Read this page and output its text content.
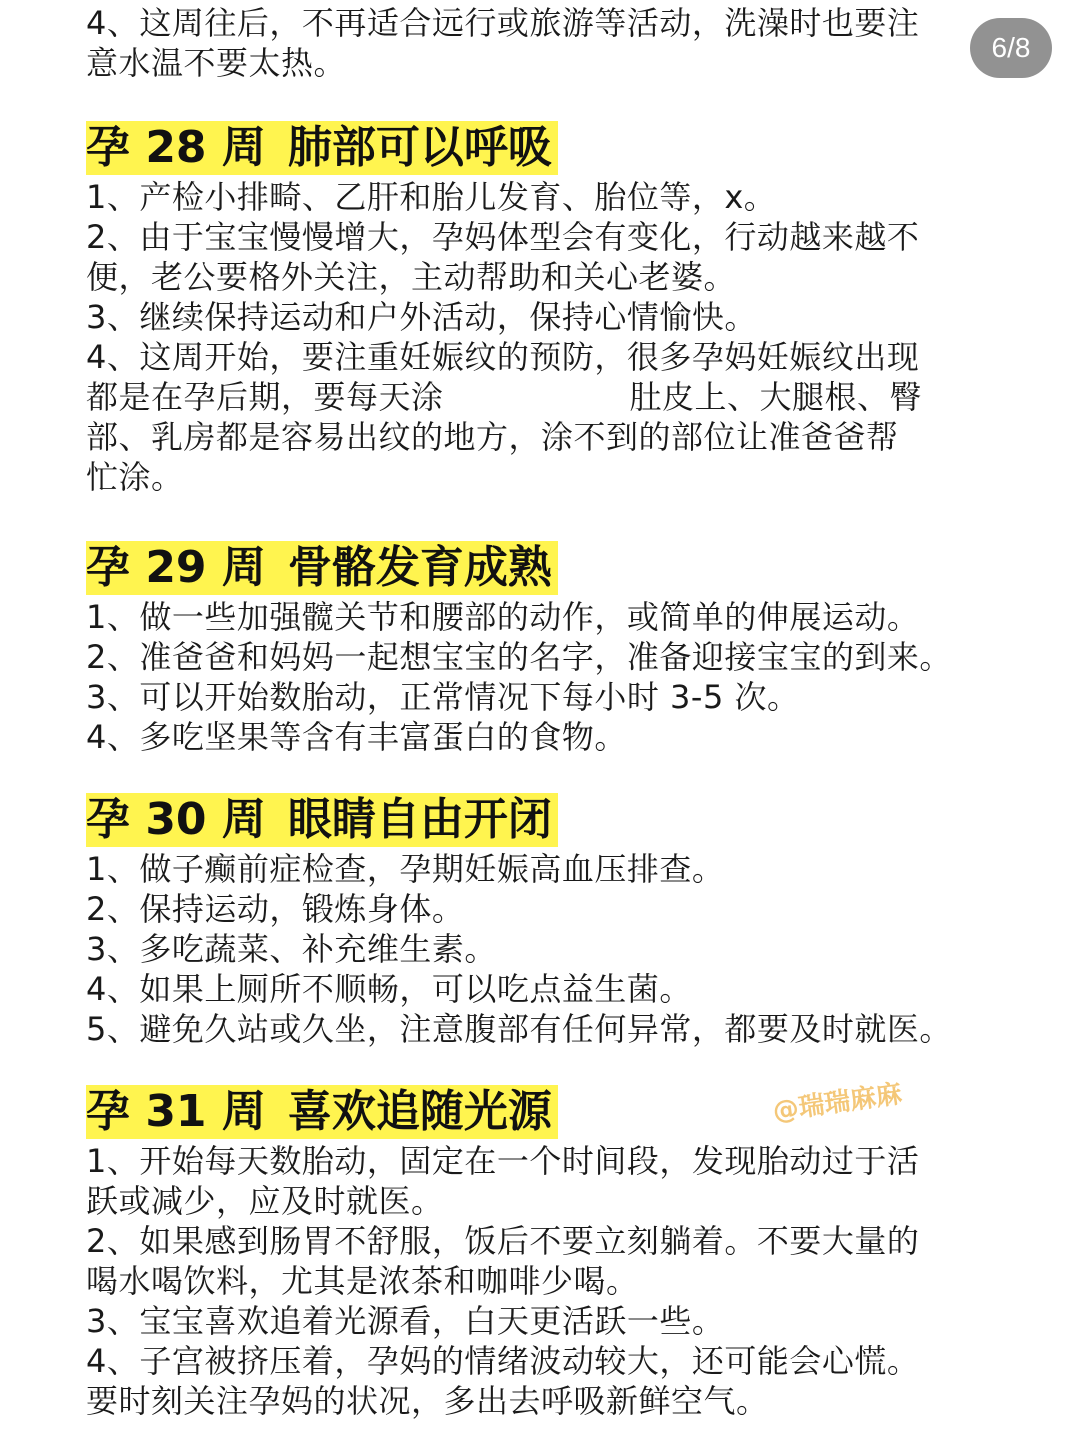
4、这周往后，不再适合远行或旅游等活动，洗澡时也要注

意水温不要太热。

孕 28 周 肺部可以呼吸

1、产检小排畸、乙肝和胎儿发育、胎位等，x。

2、由于宝宝慢慢增大，孕妈体型会有变化，行动越来越不

便，老公要格外关注，主动帮助和关心老婆。

3、继续保持运动和户外活动，保持心情愉快。

4、这周开始，要注重妊娠纹的预防，很多孕妈妊娠纹出现

都是在孕后期，要每天涂	肚皮上、大腿根、臀

部、乳房都是容易出纹的地方，涂不到的部位让准爸爸帮

忙涂。

孕 29 周 骨骼发育成熟

1、做一些加强髋关节和腰部的动作，或简单的伸展运动。

2、准爸爸和妈妈一起想宝宝的名字，准备迎接宝宝的到来。

3、可以开始数胎动，正常情况下每小时 3-5 次。

4、多吃坚果等含有丰富蛋白的食物。

孕 30 周 眼睛自由开闭

1、做子癫前症检查，孕期妊娠高血压排查。

2、保持运动，锻炼身体。

3、多吃蔬菜、补充维生素。

4、如果上厕所不顺畅，可以吃点益生菌。

5、避免久站或久坐，注意腹部有任何异常，都要及时就医。

孕 31 周 喜欢追随光源

1、开始每天数胎动，固定在一个时间段，发现胎动过于活

跃或减少，应及时就医。

2、如果感到肠胃不舒服，饭后不要立刻躺着。不要大量的

喝水喝饮料，尤其是浓茶和咖啡少喝。

3、宝宝喜欢追着光源看，白天更活跃一些。

4、子宫被挤压着，孕妈的情绪波动较大，还可能会心慌。

要时刻关注孕妈的状况，多出去呼吸新鲜空气。

6/8
@瑞瑞麻麻
